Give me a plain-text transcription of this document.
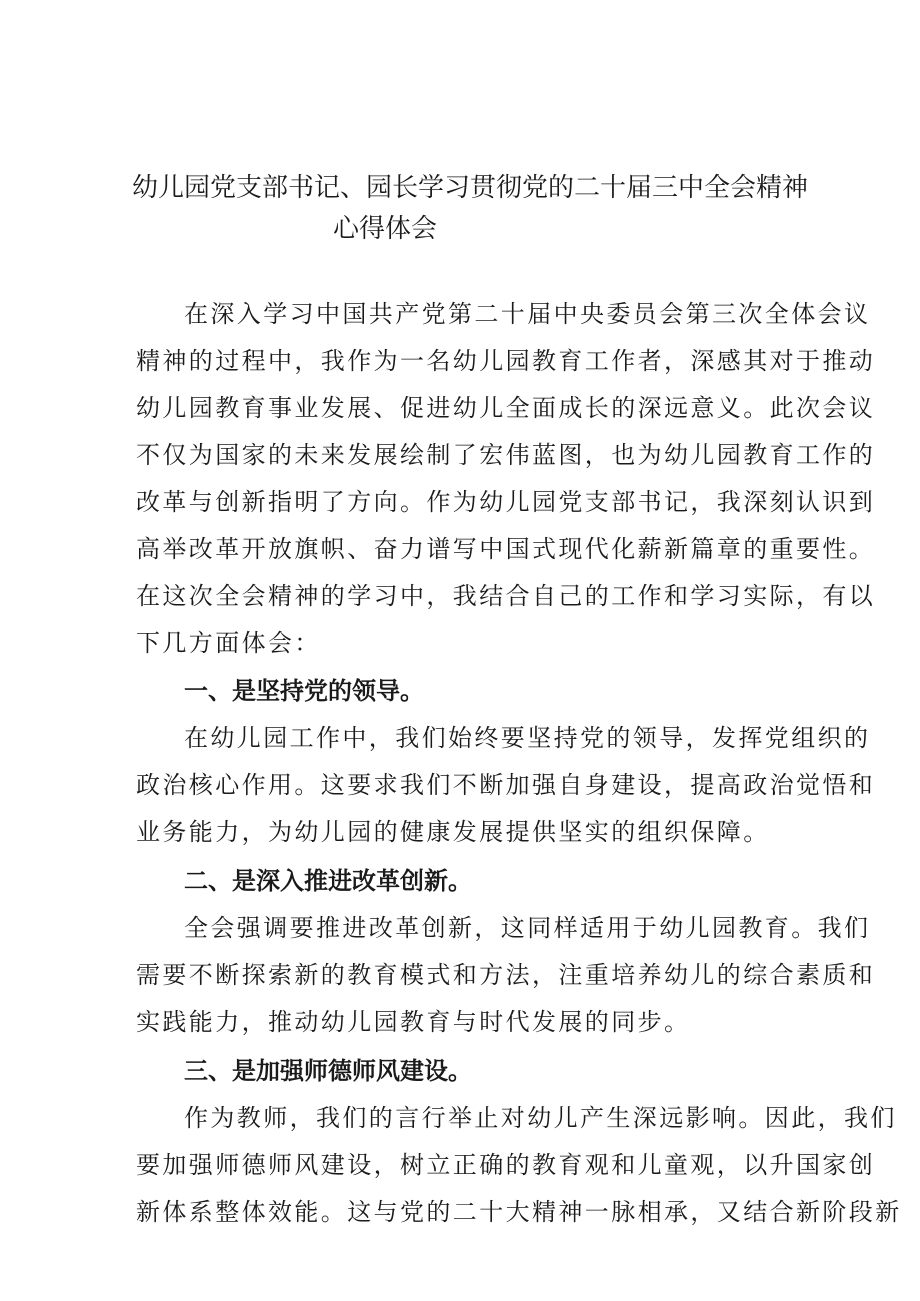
幼儿园党支部书记、园长学习贯彻党的二十届三中全会精神
心得体会

在深入学习中国共产党第二十届中央委员会第三次全体会议

精神的过程中，我作为一名幼儿园教育工作者，深感其对于推动

幼儿园教育事业发展、促进幼儿全面成长的深远意义。此次会议

不仅为国家的未来发展绘制了宏伟蓝图，也为幼儿园教育工作的

改革与创新指明了方向。作为幼儿园党支部书记，我深刻认识到

高举改革开放旗帜、奋力谱写中国式现代化薪新篇章的重要性。

在这次全会精神的学习中，我结合自己的工作和学习实际，有以

下几方面体会：

一、是坚持党的领导。

在幼儿园工作中，我们始终要坚持党的领导，发挥党组织的

政治核心作用。这要求我们不断加强自身建设，提高政治觉悟和

业务能力，为幼儿园的健康发展提供坚实的组织保障。

二、是深入推进改革创新。

全会强调要推进改革创新，这同样适用于幼儿园教育。我们

需要不断探索新的教育模式和方法，注重培养幼儿的综合素质和

实践能力，推动幼儿园教育与时代发展的同步。

三、是加强师德师风建设。

作为教师，我们的言行举止对幼儿产生深远影响。因此，我们

要加强师德师风建设，树立正确的教育观和儿童观，以升国家创

新体系整体效能。这与党的二十大精神一脉相承，又结合新阶段新
